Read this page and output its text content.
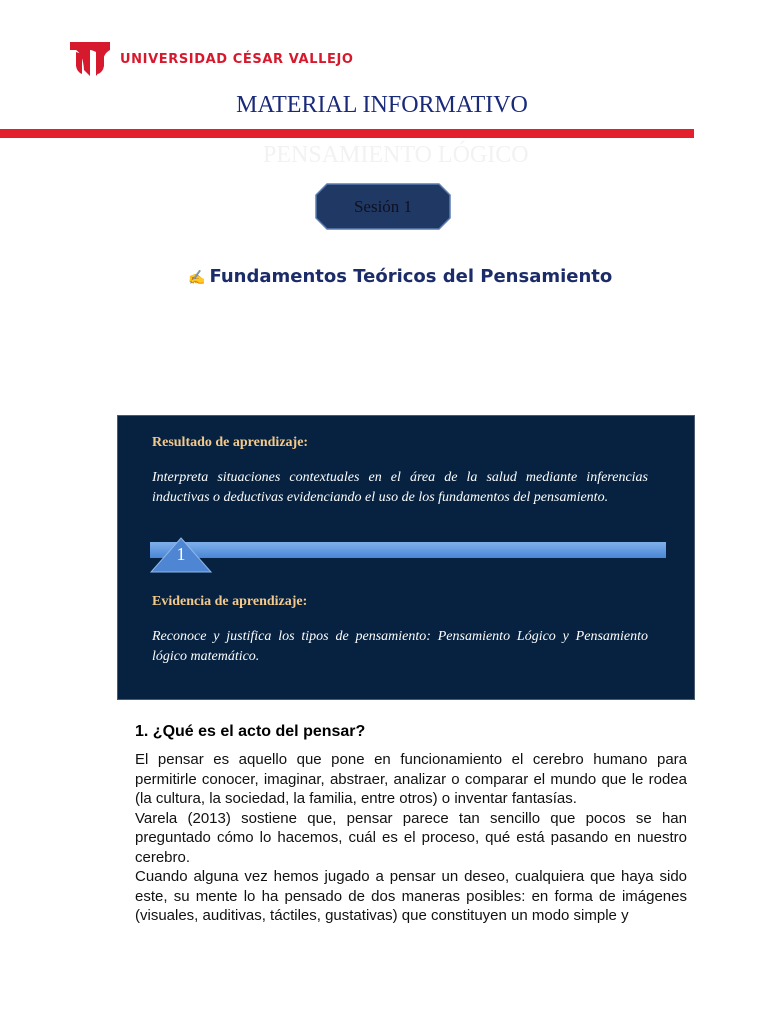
UNIVERSIDAD CÉSAR VALLEJO
MATERIAL INFORMATIVO
PENSAMIENTO LÓGICO
Sesión 1
✍ Fundamentos Teóricos del Pensamiento
Resultado de aprendizaje:
Interpreta situaciones contextuales en el área de la salud mediante inferencias inductivas o deductivas evidenciando el uso de los fundamentos del pensamiento.
1
Evidencia de aprendizaje:
Reconoce y justifica los tipos de pensamiento: Pensamiento Lógico y Pensamiento lógico matemático.
1. ¿Qué es el acto del pensar?

El pensar es aquello que pone en funcionamiento el cerebro humano para permitirle conocer, imaginar, abstraer, analizar o comparar el mundo que le rodea (la cultura, la sociedad, la familia, entre otros) o inventar fantasías.

Varela (2013) sostiene que, pensar parece tan sencillo que pocos se han preguntado cómo lo hacemos, cuál es el proceso, qué está pasando en nuestro cerebro.

Cuando alguna vez hemos jugado a pensar un deseo, cualquiera que haya sido este, su mente lo ha pensado de dos maneras posibles: en forma de imágenes (visuales, auditivas, táctiles, gustativas) que constituyen un modo simple y
